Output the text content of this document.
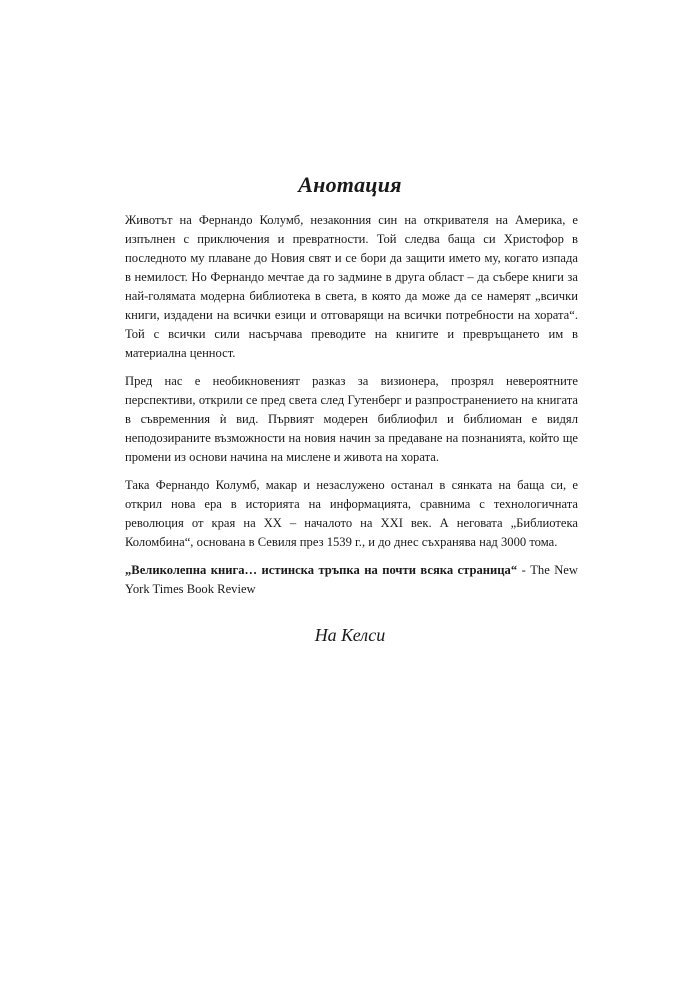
Анотация

Животът на Фернандо Колумб, незаконния син на откривателя на Америка, е изпълнен с приключения и превратности. Той следва баща си Христофор в последното му плаване до Новия свят и се бори да защити името му, когато изпада в немилост. Но Фернандо мечтае да го задмине в друга област – да събере книги за най-голямата модерна библиотека в света, в която да може да се намерят „всички книги, издадени на всички езици и отговарящи на всички потребности на хората“. Той с всички сили насърчава преводите на книгите и превръщането им в материална ценност.

Пред нас е необикновеният разказ за визионера, прозрял невероятните перспективи, открили се пред света след Гутенберг и разпространението на книгата в съвременния ѝ вид. Първият модерен библиофил и библиоман е видял неподозираните възможности на новия начин за предаване на познанията, който ще промени из основи начина на мислене и живота на хората.

Така Фернандо Колумб, макар и незаслужено останал в сянката на баща си, е открил нова ера в историята на информацията, сравнима с технологичната революция от края на XX – началото на XXI век. А неговата „Библиотека Коломбина“, основана в Севиля през 1539 г., и до днес съхранява над 3000 тома.

„Великолепна книга… истинска тръпка на почти всяка страница“ - The New York Times Book Review

На Келси
